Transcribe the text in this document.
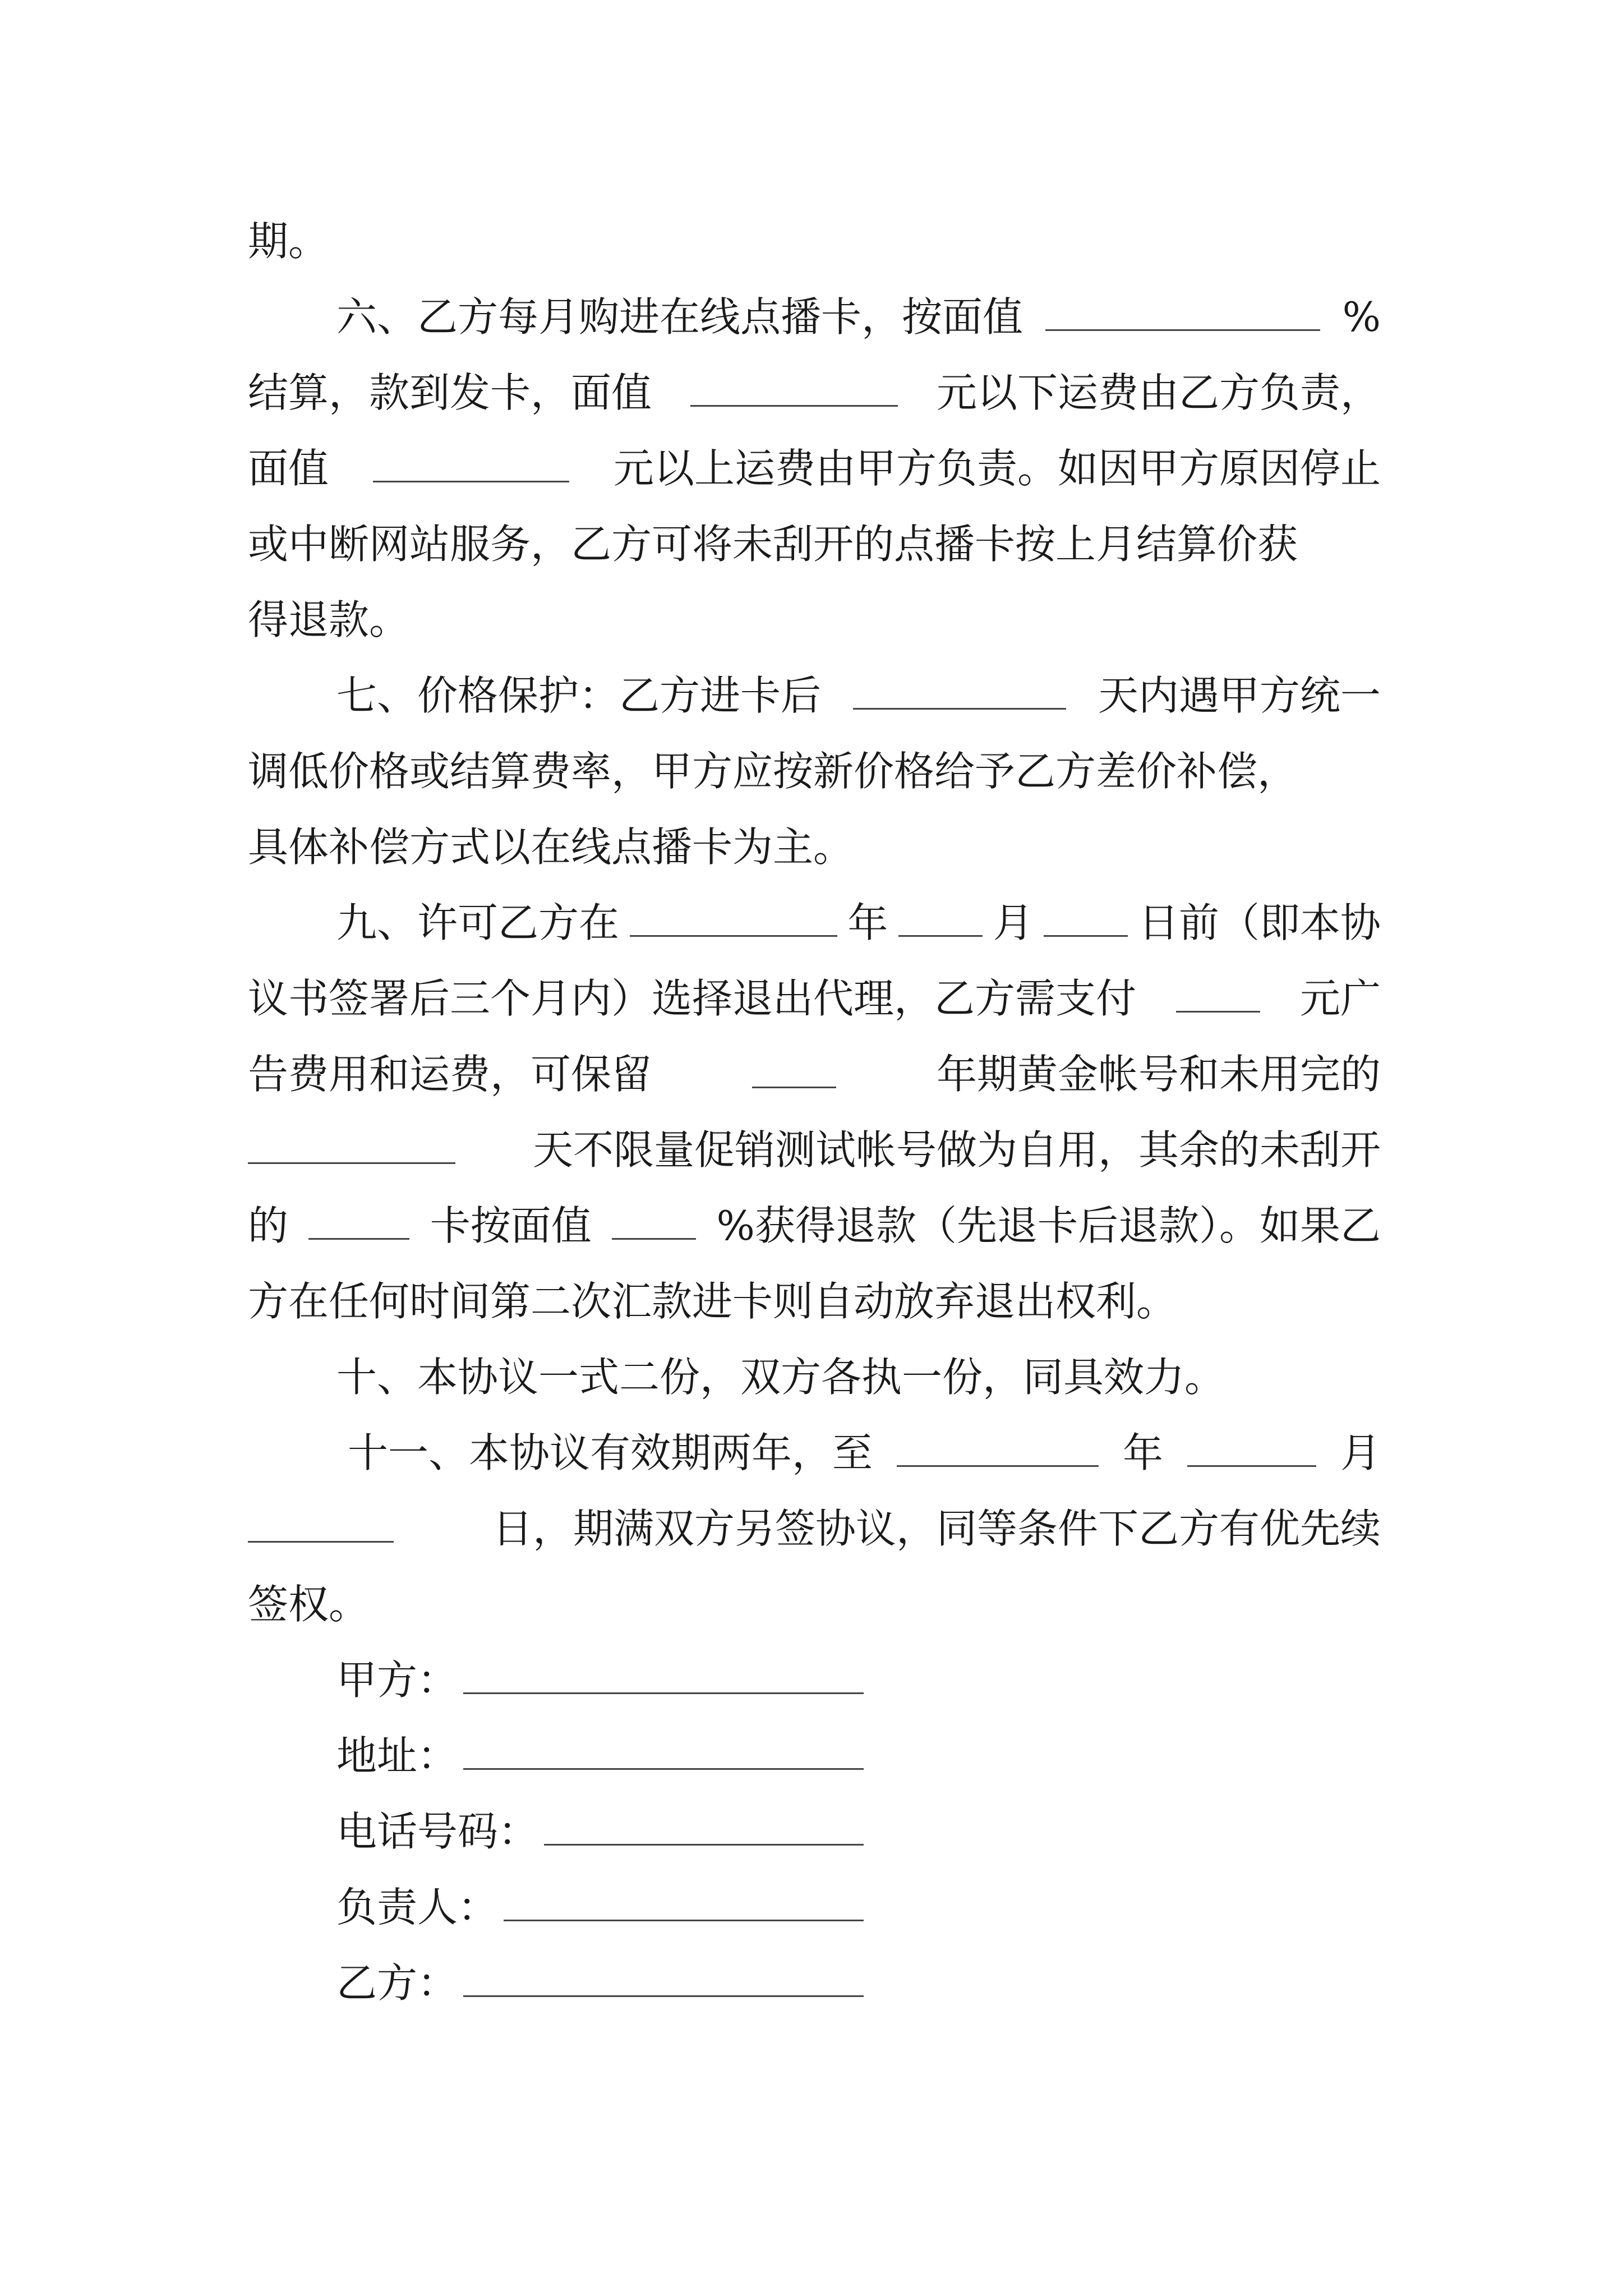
期。
六、乙方每月购进在线点播卡，按面值	%
结算，款到发卡，面值	元以下运费由乙方负责，
面值	元以上运费由甲方负责。如因甲方原因停止
或中断网站服务，乙方可将未刮开的点播卡按上月结算价获
得退款。
七、价格保护：乙方进卡后	天内遇甲方统一
调低价格或结算费率，甲方应按新价格给予乙方差价补偿，
具体补偿方式以在线点播卡为主。
九、许可乙方在	年	月	日前（即本协
议书签署后三个月内）选择退出代理，乙方需支付	元广
告费用和运费，可保留	年期黄金帐号和未用完的
天不限量促销测试帐号做为自用，其余的未刮开
的	卡按面值	%获得退款（先退卡后退款）。如果乙
方在任何时间第二次汇款进卡则自动放弃退出权利。
十、本协议一式二份，双方各执一份，同具效力。
十一、本协议有效期两年，至	年	月
日，期满双方另签协议，同等条件下乙方有优先续
签权。
甲方：
地址：
电话号码：
负责人：
乙方：
